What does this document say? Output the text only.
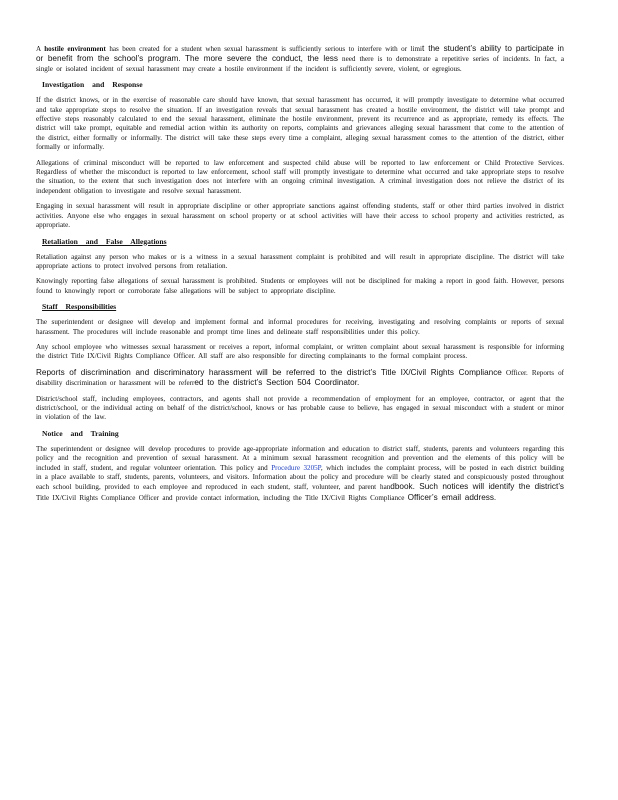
A hostile environment has been created for a student when sexual harassment is sufficiently serious to interfere with or limit the student’s ability to participate in or benefit from the school’s program. The more severe the conduct, the less need there is to demonstrate a repetitive series of incidents. In fact, a single or isolated incident of sexual harassment may create a hostile environment if the incident is sufficiently severe, violent, or egregious.

Investigation and Response

If the district knows, or in the exercise of reasonable care should have known, that sexual harassment has occurred, it will promptly investigate to determine what occurred and take appropriate steps to resolve the situation. If an investigation reveals that sexual harassment has created a hostile environment, the district will take prompt and effective steps reasonably calculated to end the sexual harassment, eliminate the hostile environment, prevent its recurrence and as appropriate, remedy its effects. The district will take prompt, equitable and remedial action within its authority on reports, complaints and grievances alleging sexual harassment that come to the attention of the district, either formally or informally. The district will take these steps every time a complaint, alleging sexual harassment comes to the attention of the district, either formally or informally.

Allegations of criminal misconduct will be reported to law enforcement and suspected child abuse will be reported to law enforcement or Child Protective Services. Regardless of whether the misconduct is reported to law enforcement, school staff will promptly investigate to determine what occurred and take appropriate steps to resolve the situation, to the extent that such investigation does not interfere with an ongoing criminal investigation. A criminal investigation does not relieve the district of its independent obligation to investigate and resolve sexual harassment.

Engaging in sexual harassment will result in appropriate discipline or other appropriate sanctions against offending students, staff or other third parties involved in district activities. Anyone else who engages in sexual harassment on school property or at school activities will have their access to school property and activities restricted, as appropriate.

Retaliation and False Allegations

Retaliation against any person who makes or is a witness in a sexual harassment complaint is prohibited and will result in appropriate discipline. The district will take appropriate actions to protect involved persons from retaliation.

Knowingly reporting false allegations of sexual harassment is prohibited. Students or employees will not be disciplined for making a report in good faith. However, persons found to knowingly report or corroborate false allegations will be subject to appropriate discipline.

Staff Responsibilities

The superintendent or designee will develop and implement formal and informal procedures for receiving, investigating and resolving complaints or reports of sexual harassment. The procedures will include reasonable and prompt time lines and delineate staff responsibilities under this policy.

Any school employee who witnesses sexual harassment or receives a report, informal complaint, or written complaint about sexual harassment is responsible for informing the district Title IX/Civil Rights Compliance Officer. All staff are also responsible for directing complainants to the formal complaint process.

Reports of discrimination and discriminatory harassment will be referred to the district’s Title IX/Civil Rights Compliance Officer. Reports of disability discrimination or harassment will be referred to the district’s Section 504 Coordinator.

District/school staff, including employees, contractors, and agents shall not provide a recommendation of employment for an employee, contractor, or agent that the district/school, or the individual acting on behalf of the district/school, knows or has probable cause to believe, has engaged in sexual misconduct with a student or minor in violation of the law.

Notice and Training

The superintendent or designee will develop procedures to provide age-appropriate information and education to district staff, students, parents and volunteers regarding this policy and the recognition and prevention of sexual harassment. At a minimum sexual harassment recognition and prevention and the elements of this policy will be included in staff, student, and regular volunteer orientation. This policy and Procedure 3205P, which includes the complaint process, will be posted in each district building in a place available to staff, students, parents, volunteers, and visitors. Information about the policy and procedure will be clearly stated and conspicuously posted throughout each school building, provided to each employee and reproduced in each student, staff, volunteer, and parent handbook. Such notices will identify the district’s Title IX/Civil Rights Compliance Officer and provide contact information, including the Title IX/Civil Rights Compliance Officer’s email address.
